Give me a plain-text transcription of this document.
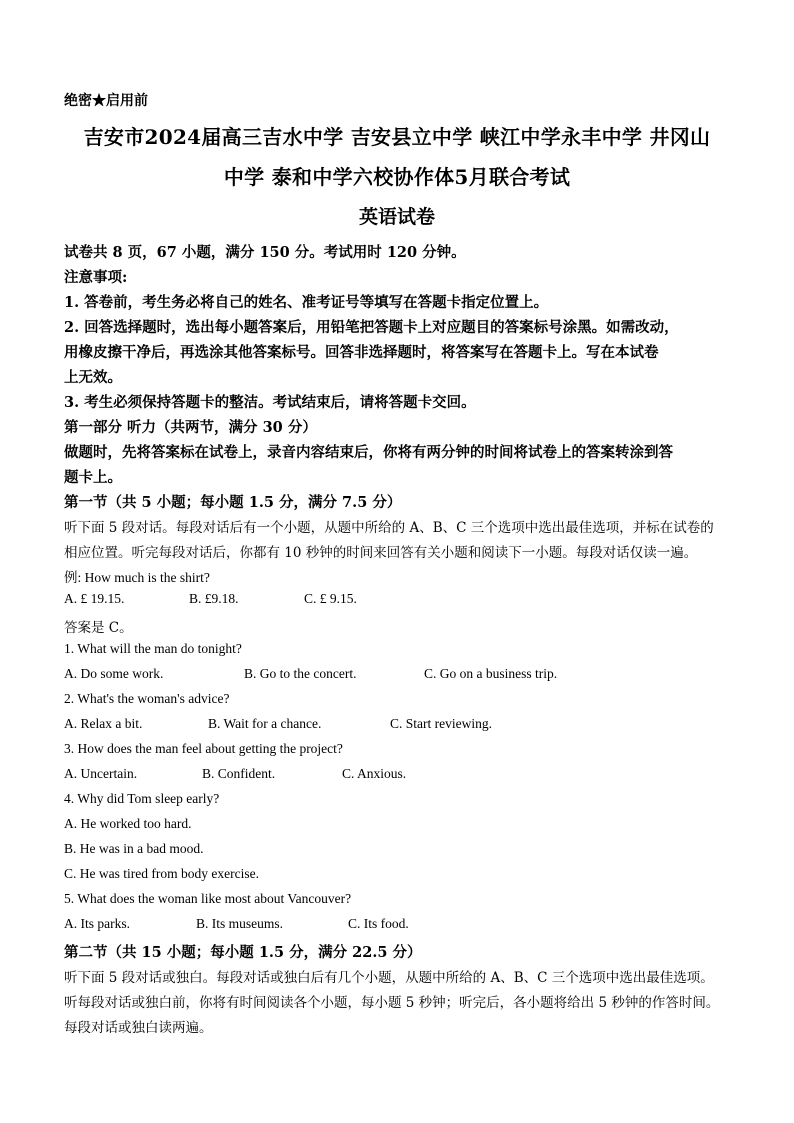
绝密★启用前
吉安市2024届高三吉水中学 吉安县立中学 峡江中学永丰中学 井冈山
中学 泰和中学六校协作体5月联合考试
英语试卷
试卷共 8 页，67 小题，满分 150 分。考试用时 120 分钟。
注意事项:
1. 答卷前，考生务必将自己的姓名、准考证号等填写在答题卡指定位置上。
2. 回答选择题时，选出每小题答案后，用铅笔把答题卡上对应题目的答案标号涂黑。如需改动，
用橡皮擦干净后，再选涂其他答案标号。回答非选择题时，将答案写在答题卡上。写在本试卷
上无效。
3. 考生必须保持答题卡的整洁。考试结束后，请将答题卡交回。
第一部分 听力（共两节，满分 30 分）
做题时，先将答案标在试卷上，录音内容结束后，你将有两分钟的时间将试卷上的答案转涂到答
题卡上。
第一节（共 5 小题；每小题 1.5 分，满分 7.5 分）
听下面 5 段对话。每段对话后有一个小题，从题中所给的 A、B、C 三个选项中选出最佳选项，并标在试卷的
相应位置。听完每段对话后，你都有 10 秒钟的时间来回答有关小题和阅读下一小题。每段对话仅读一遍。
例: How much is the shirt?
A. £ 19.15.	B. £9.18.	C. £ 9.15.
答案是 C。
1. What will the man do tonight?
A. Do some work.	B. Go to the concert.	C. Go on a business trip.
2. What's the woman's advice?
A. Relax a bit.	B. Wait for a chance.	C. Start reviewing.
3. How does the man feel about getting the project?
A. Uncertain.	B. Confident.	C. Anxious.
4. Why did Tom sleep early?
A. He worked too hard.
B. He was in a bad mood.
C. He was tired from body exercise.
5. What does the woman like most about Vancouver?
A. Its parks.	B. Its museums.	C. Its food.
第二节（共 15 小题；每小题 1.5 分，满分 22.5 分）
听下面 5 段对话或独白。每段对话或独白后有几个小题，从题中所给的 A、B、C 三个选项中选出最佳选项。
听每段对话或独白前，你将有时间阅读各个小题，每小题 5 秒钟；听完后，各小题将给出 5 秒钟的作答时间。
每段对话或独白读两遍。
